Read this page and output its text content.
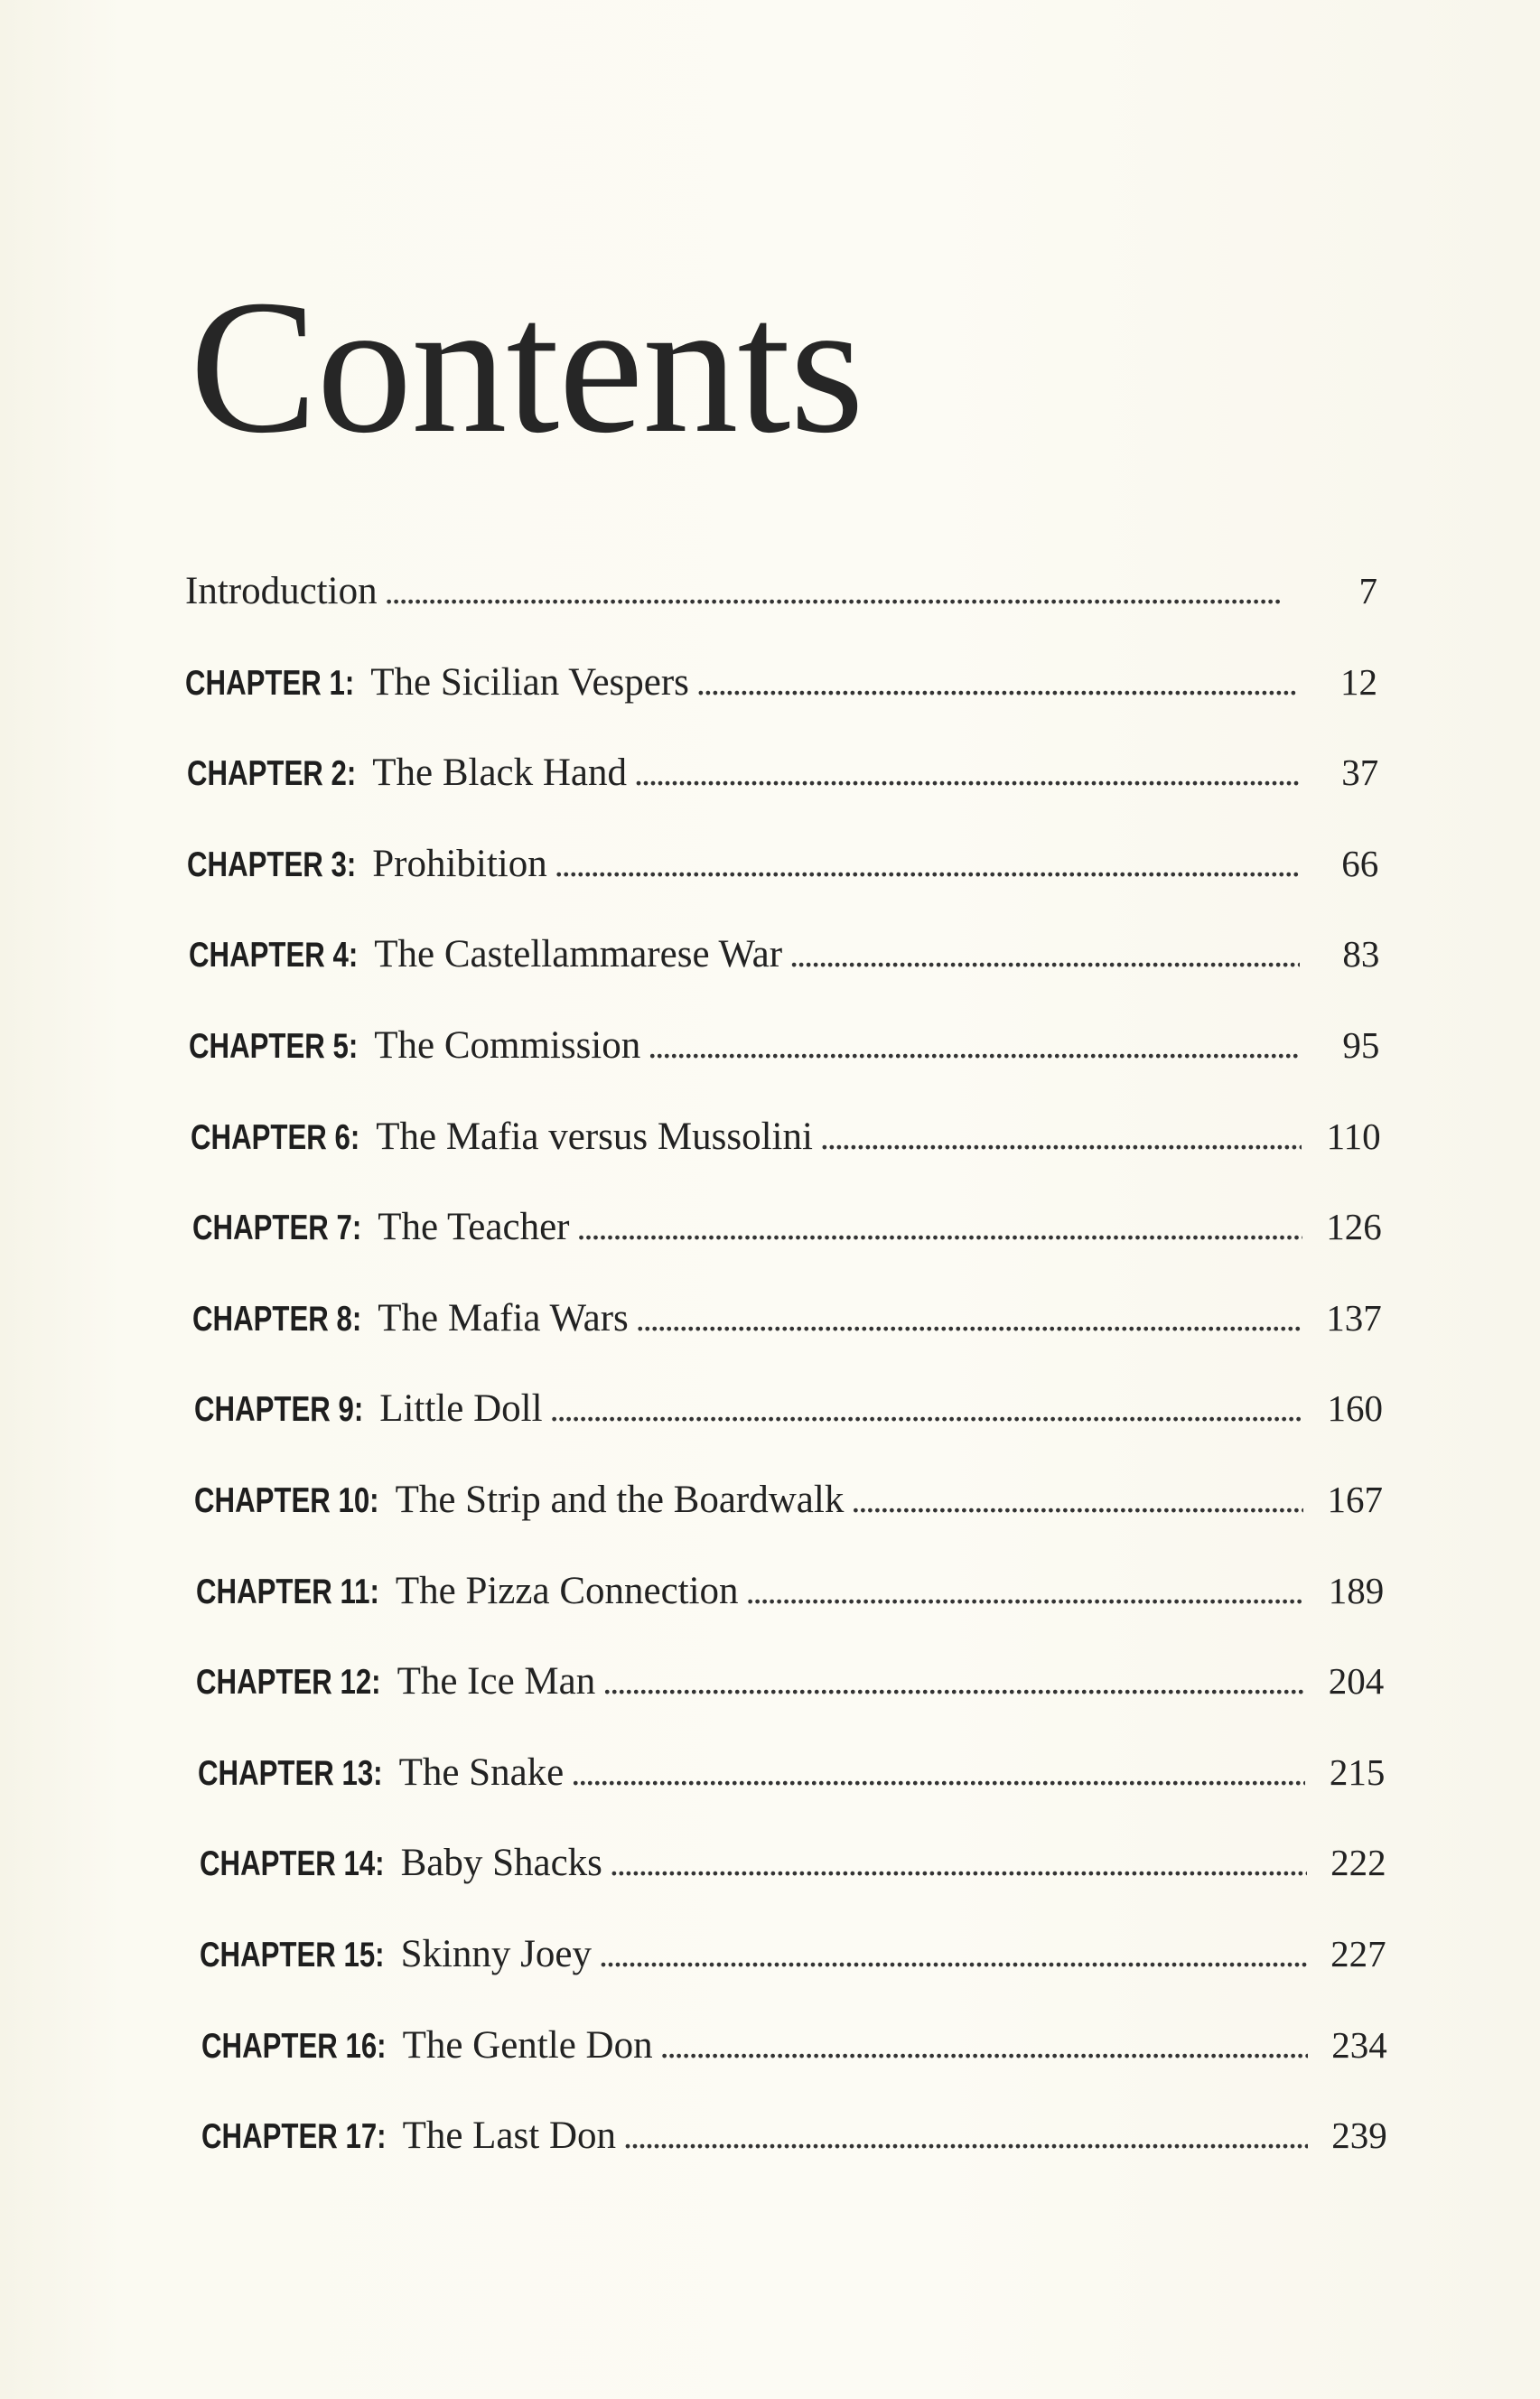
Contents
Introduction . . .	7
CHAPTER 1: The Sicilian Vespers . . .	12
CHAPTER 2: The Black Hand . . .	37
CHAPTER 3: Prohibition . . .	66
CHAPTER 4: The Castellammarese War . . .	83
CHAPTER 5: The Commission . . .	95
CHAPTER 6: The Mafia versus Mussolini . . .	110
CHAPTER 7: The Teacher . . .	126
CHAPTER 8: The Mafia Wars . . .	137
CHAPTER 9: Little Doll . . .	160
CHAPTER 10: The Strip and the Boardwalk . . .	167
CHAPTER 11: The Pizza Connection . . .	189
CHAPTER 12: The Ice Man . . .	204
CHAPTER 13: The Snake . . .	215
CHAPTER 14: Baby Shacks . . .	222
CHAPTER 15: Skinny Joey . . .	227
CHAPTER 16: The Gentle Don . . .	234
CHAPTER 17: The Last Don . . .	239
